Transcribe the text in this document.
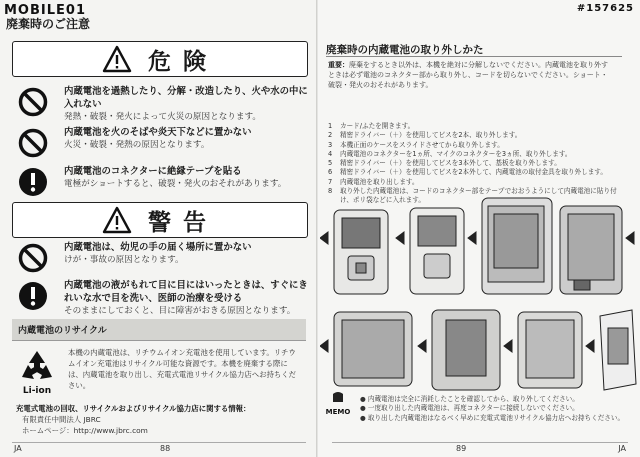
MOBILE01
廃棄時のご注意
危険
内蔵電池を過熱したり、分解・改造したり、火や水の中に入れない
発熱・破裂・発火によって火災の原因となります。
内蔵電池を火のそばや炎天下などに置かない
火災・破裂・発熱の原因となります。
内蔵電池のコネクターに絶縁テープを貼る
電極がショートすると、破裂・発火のおそれがあります。
警告
内蔵電池は、幼児の手の届く場所に置かない
けが・事故の原因となります。
内蔵電池の液がもれて目に目にはいったときは、すぐにきれいな水で目を洗い、医師の治療を受ける
そのままにしておくと、目に障害がおきる原因となります。
内蔵電池のリサイクル
Li-ion
本機の内蔵電池は、リチウムイオン充電池を使用しています。リチウムイオン充電池はリサイクル可能な資源です。本機を廃棄する際には、内蔵電池を取り出し、充電式電池リサイクル協力店へお持ちください。
充電式電池の回収、リサイクルおよびリサイクル協力店に関する情報：
有限責任中間法人 JBRC
ホームページ：http://www.jbrc.com
JA	88
#157625
廃棄時の内蔵電池の取り外しかた
重要：廃棄をするとき以外は、本機を絶対に分解しないでください。内蔵電池を取り外すときは必ず電池のコネクター部から取り外し、コードを切らないでください。ショート・破裂・発火のおそれがあります。
1	カード/ふたを開きます。
2	精密ドライバー（＋）を使用してビスを2本、取り外します。
3	本機正面のケースをスライドさせてから取り外します。
4	内蔵電池のコネクターを1ヵ所、マイクのコネクターを3ヵ所、取り外します。
5	精密ドライバー（＋）を使用してビスを3本外して、基板を取り外します。
6	精密ドライバー（＋）を使用してビスを2本外して、内蔵電池の取付金具を取り外します。
7	内蔵電池を取り出します。
8	取り外した内蔵電池は、コードのコネクター部をテープでおおうようにして内蔵電池に貼り付け、ポリ袋などに入れます。
MEMO
● 内蔵電池は完全に消耗したことを確認してから、取り外してください。
● 一度取り出した内蔵電池は、再度コネクターに接続しないでください。
● 取り出した内蔵電池はなるべく早めに充電式電池リサイクル協力店へお持ちください。
89	JA
